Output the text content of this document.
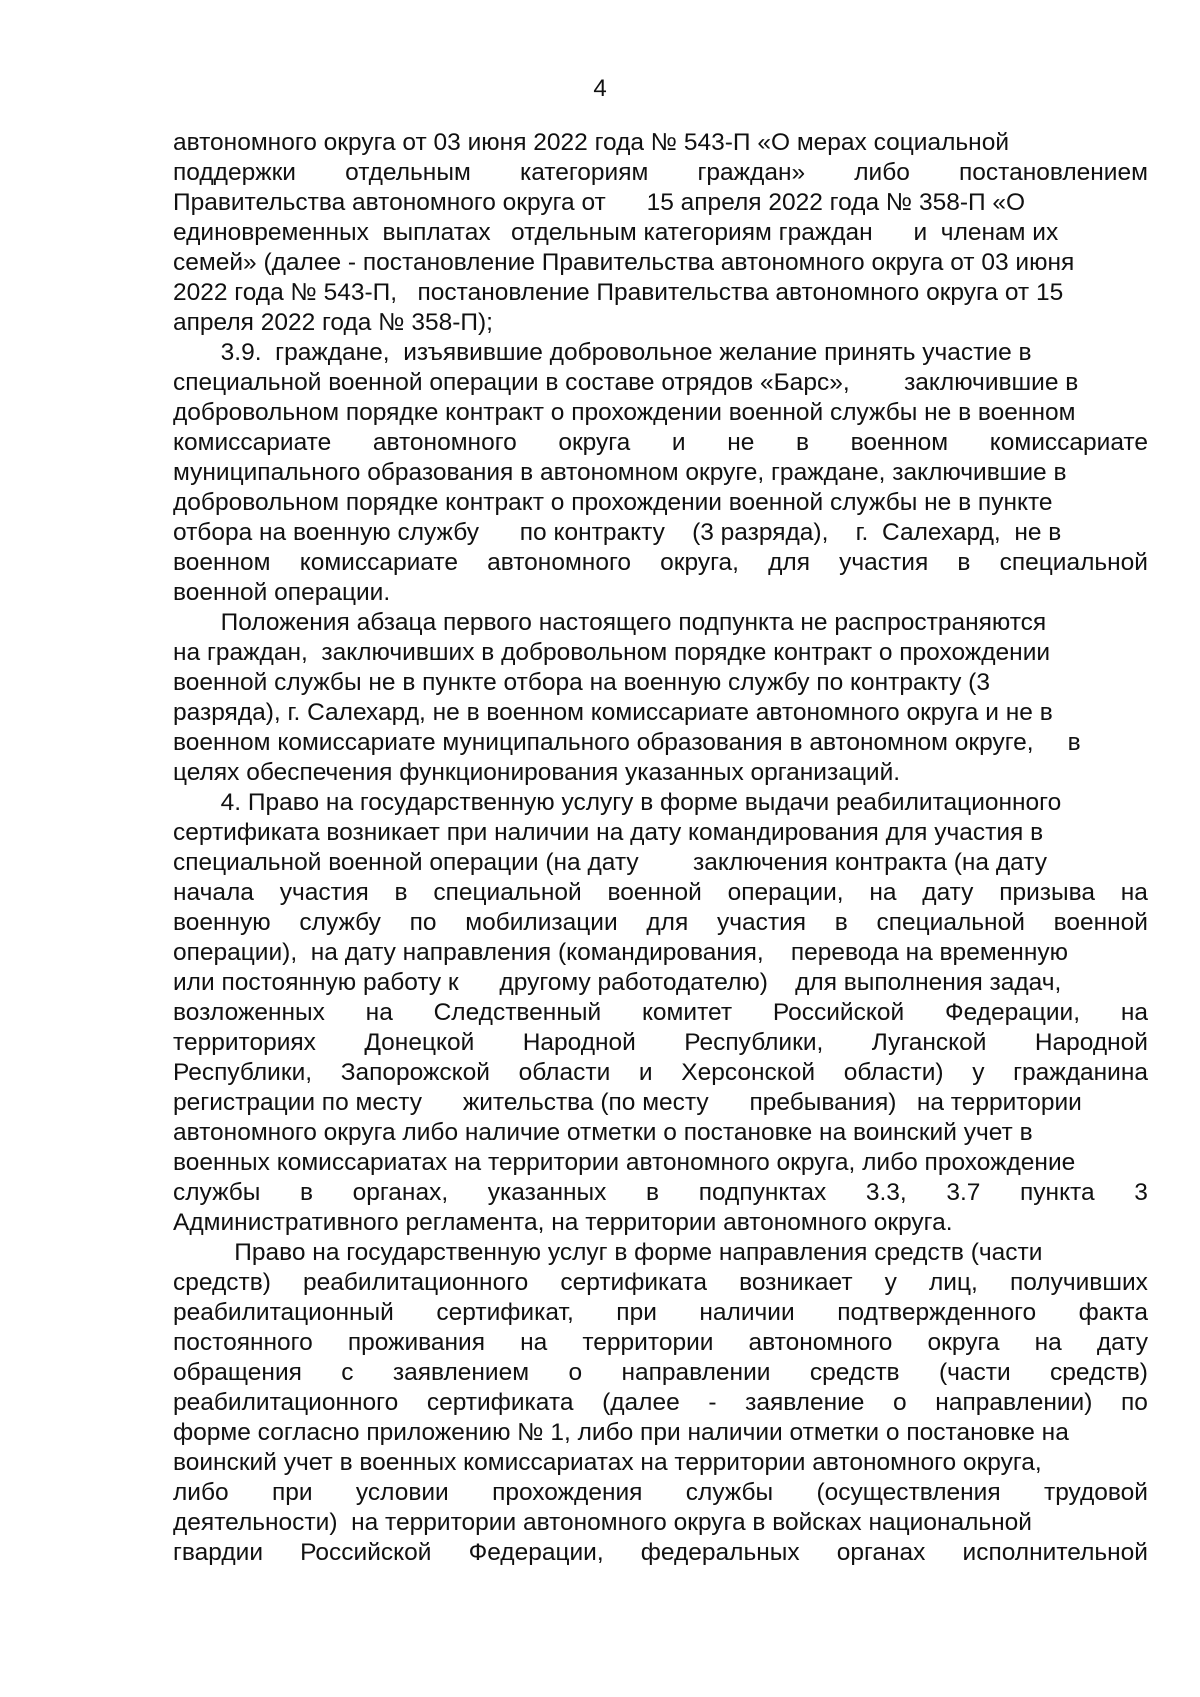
4
автономного округа от 03 июня 2022 года № 543-П «О мерах социальной
поддержки отдельным категориям граждан» либо постановлением
Правительства автономного округа от      15 апреля 2022 года № 358-П «О
единовременных  выплатах   отдельным категориям граждан      и  членам их
семей» (далее - постановление Правительства автономного округа от 03 июня
2022 года № 543-П,   постановление Правительства автономного округа от 15
апреля 2022 года № 358-П);
3.9.  граждане,  изъявившие добровольное желание принять участие в
специальной военной операции в составе отрядов «Барс»,        заключившие в
добровольном порядке контракт о прохождении военной службы не в военном
комиссариате автономного округа и не в военном комиссариате
муниципального образования в автономном округе, граждане, заключившие в
добровольном порядке контракт о прохождении военной службы не в пункте
отбора на военную службу      по контракту    (3 разряда),    г.  Салехард,  не в
военном комиссариате автономного округа, для участия в специальной
военной операции.
Положения абзаца первого настоящего подпункта не распространяются
на граждан,  заключивших в добровольном порядке контракт о прохождении
военной службы не в пункте отбора на военную службу по контракту (3
разряда), г. Салехард, не в военном комиссариате автономного округа и не в
военном комиссариате муниципального образования в автономном округе,     в
целях обеспечения функционирования указанных организаций.
4. Право на государственную услугу в форме выдачи реабилитационного
сертификата возникает при наличии на дату командирования для участия в
специальной военной операции (на дату        заключения контракта (на дату
начала участия в специальной военной операции, на дату призыва на
военную службу по мобилизации для участия в специальной военной
операции),  на дату направления (командирования,    перевода на временную
или постоянную работу к      другому работодателю)    для выполнения задач,
возложенных на Следственный комитет Российской Федерации, на
территориях Донецкой Народной Республики, Луганской Народной
Республики, Запорожской области и Херсонской области) у гражданина
регистрации по месту      жительства (по месту      пребывания)   на территории
автономного округа либо наличие отметки о постановке на воинский учет в
военных комиссариатах на территории автономного округа, либо прохождение
службы в органах, указанных в подпунктах 3.3, 3.7 пункта 3
Административного регламента, на территории автономного округа.
Право на государственную услуг в форме направления средств (части
средств) реабилитационного сертификата возникает у лиц, получивших
реабилитационный сертификат, при наличии подтвержденного факта
постоянного проживания на территории автономного округа на дату
обращения с заявлением о направлении средств (части средств)
реабилитационного сертификата (далее - заявление о направлении) по
форме согласно приложению № 1, либо при наличии отметки о постановке на
воинский учет в военных комиссариатах на территории автономного округа,
либо при условии прохождения службы (осуществления трудовой
деятельности)  на территории автономного округа в войсках национальной
гвардии Российской Федерации, федеральных органах исполнительной
